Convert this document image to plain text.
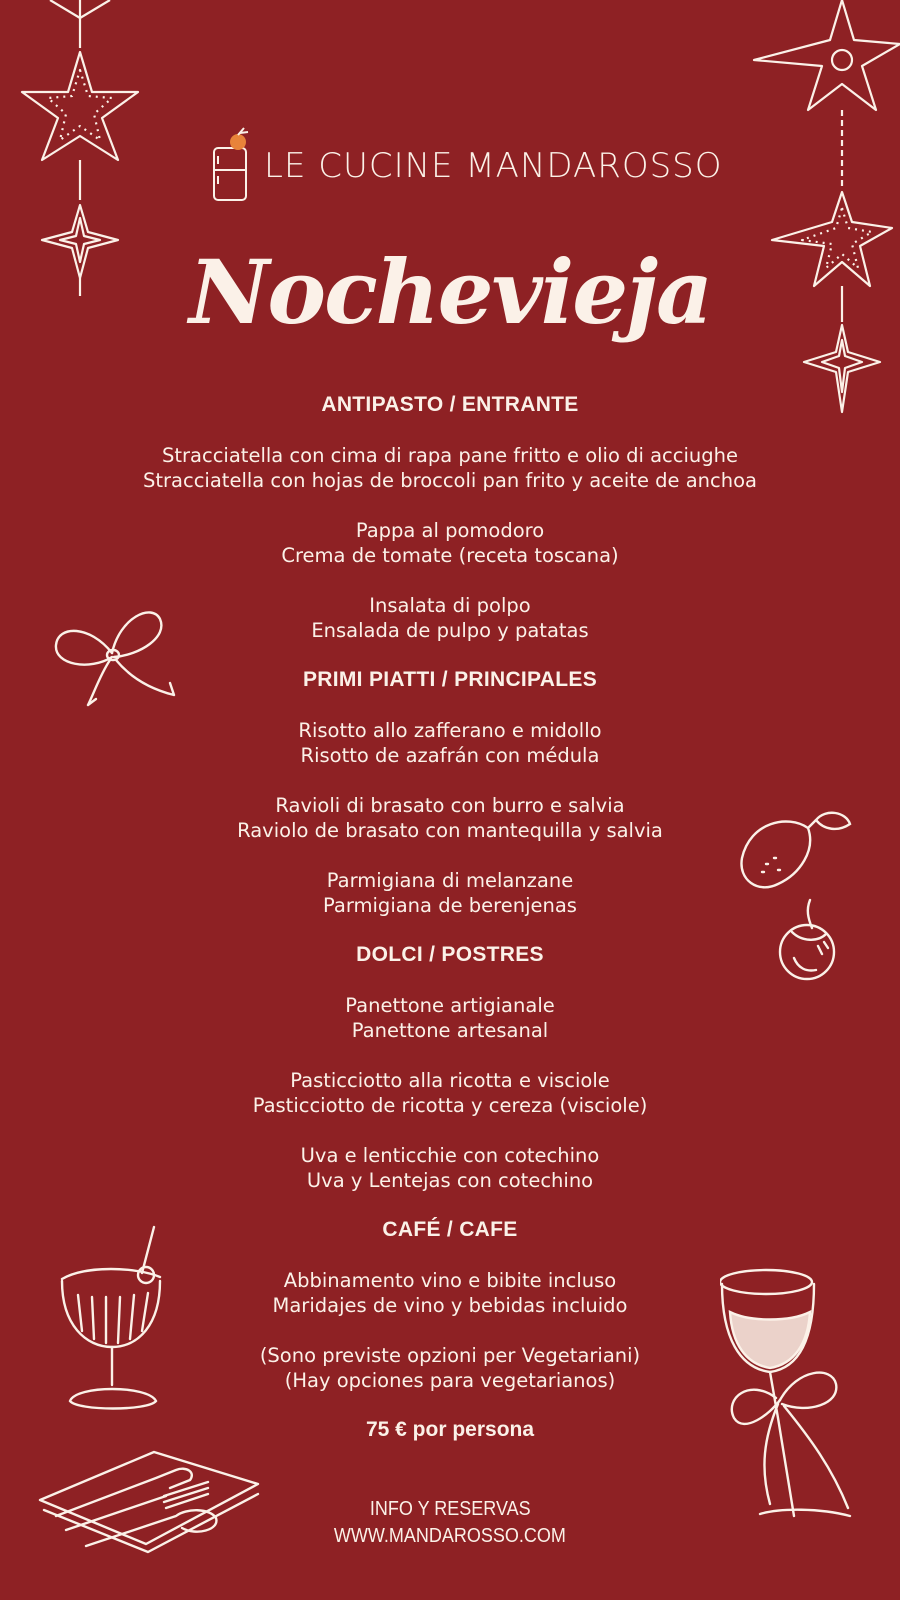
LE CUCINE MANDAROSSO
Nochevieja
ANTIPASTO / ENTRANTE
Stracciatella con cima di rapa pane fritto e olio di acciughe
Stracciatella con hojas de broccoli pan frito y aceite de anchoa
Pappa al pomodoro
Crema de tomate (receta toscana)
Insalata di polpo
Ensalada de pulpo y patatas
PRIMI PIATTI / PRINCIPALES
Risotto allo zafferano e midollo
Risotto de azafrán con médula
Ravioli di brasato con burro e salvia
Raviolo de brasato con mantequilla y salvia
Parmigiana di melanzane
Parmigiana de berenjenas
DOLCI / POSTRES
Panettone artigianale
Panettone artesanal
Pasticciotto alla ricotta e visciole
Pasticciotto de ricotta y cereza (visciole)
Uva e lenticchie con cotechino
Uva y Lentejas con cotechino
CAFÉ / CAFE
Abbinamento vino e bibite incluso
Maridajes de vino y bebidas incluido
(Sono previste opzioni per Vegetariani)
(Hay opciones para vegetarianos)
75 € por persona
INFO Y RESERVAS
WWW.MANDAROSSO.COM
